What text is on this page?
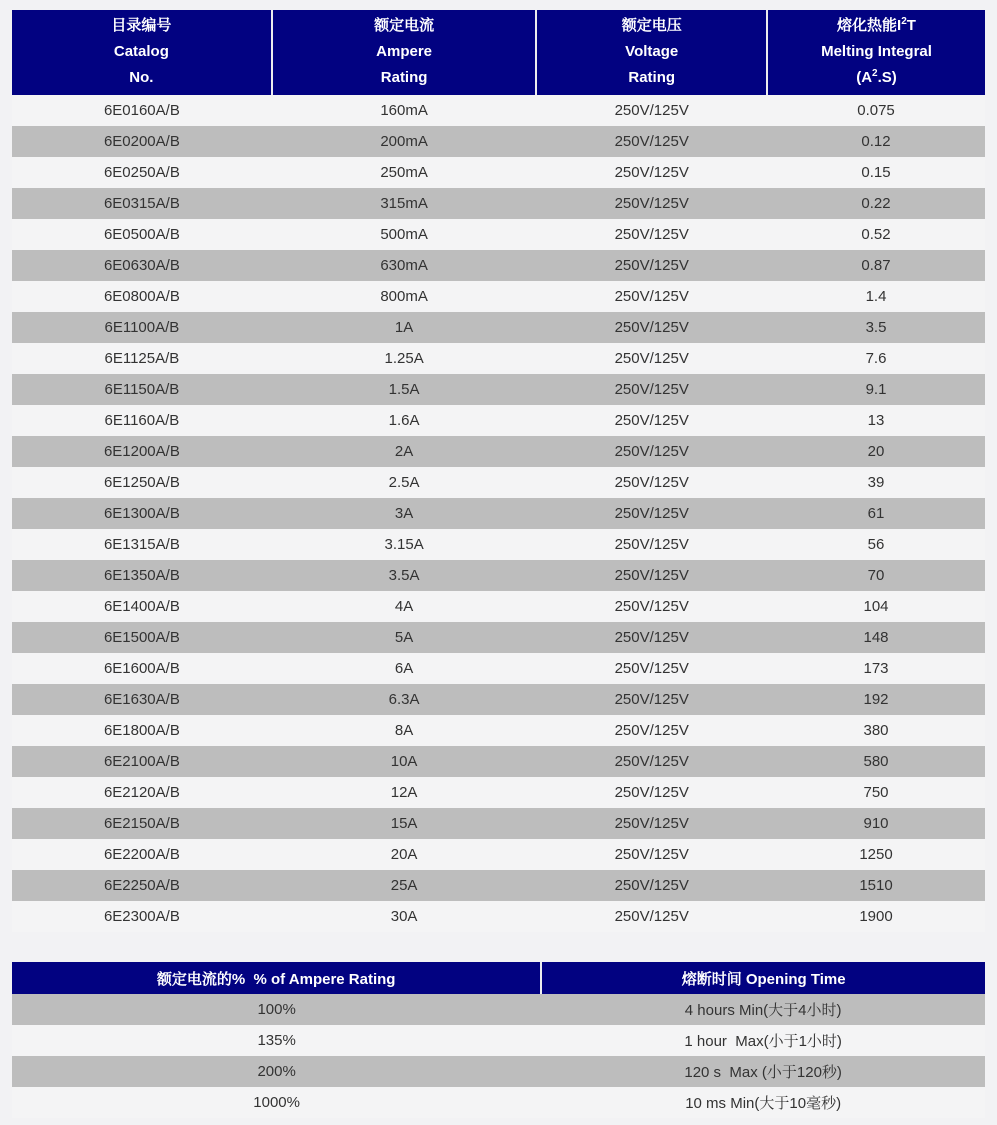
目录编号
Catalog
No.

额定电流
Ampere
Rating

额定电压
Voltage
Rating

熔化热能$I^2T$
Melting Integral
$(A^2.S)$

6E0160A/B	160mA	250V/125V	0.075
6E0200A/B	200mA	250V/125V	0.12
6E0250A/B	250mA	250V/125V	0.15
6E0315A/B	315mA	250V/125V	0.22
6E0500A/B	500mA	250V/125V	0.52
6E0630A/B	630mA	250V/125V	0.87
6E0800A/B	800mA	250V/125V	1.4
6E1100A/B	1A	250V/125V	3.5
6E1125A/B	1.25A	250V/125V	7.6
6E1150A/B	1.5A	250V/125V	9.1
6E1160A/B	1.6A	250V/125V	13
6E1200A/B	2A	250V/125V	20
6E1250A/B	2.5A	250V/125V	39
6E1300A/B	3A	250V/125V	61
6E1315A/B	3.15A	250V/125V	56
6E1350A/B	3.5A	250V/125V	70
6E1400A/B	4A	250V/125V	104
6E1500A/B	5A	250V/125V	148
6E1600A/B	6A	250V/125V	173
6E1630A/B	6.3A	250V/125V	192
6E1800A/B	8A	250V/125V	380
6E2100A/B	10A	250V/125V	580
6E2120A/B	12A	250V/125V	750
6E2150A/B	15A	250V/125V	910
6E2200A/B	20A	250V/125V	1250
6E2250A/B	25A	250V/125V	1510
6E2300A/B	30A	250V/125V	1900
额定电流的%  % of Ampere Rating	熔断时间 Opening Time
100%	4 hours Min(大于4小时)
135%	1 hour  Max(小于1小时)
200%	120 s  Max (小于120秒)
1000%	10 ms Min(大于10毫秒)
